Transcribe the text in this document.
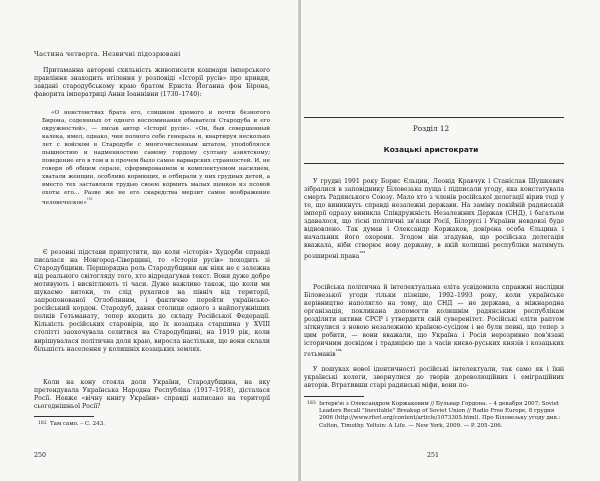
Частина четверта. Незвичні підозрювані
Притаманна авторові схильність живописати кошмари імперського правління знаходить втілення у розповіді «Історії русів» про кривди, завдані стародубському краю братом Ернста Йоганна фон Бірона, фаворита імператриці Анни Іоаннівни (1730–1740):
«О неистовствах брата его, слишком хромого и почти безногого Бирона, содеянных от одного воспоминания обывателя Стародуба и его окружностей», — писав автор «Історії русів». «Он, быв совершенный калека, имел, однако, чин полного себе генерала и, квартируя несколько лет с войском в Стародубе с многочисленным штатом, упodoблялся пышностию и надменностию самому гордому султану азиятскому; поведение его в том и в прочем было самое варварских странностей. И, не говоря об общем серале, сформированном и комплектуемом насилием, хватали женщин, особливо кормящих, и отбирали у них грудных детей, а вместо тех заставляли грудью своею кормить малых щенков из псовой охоты его… Разве же не его скаредства мерзит самое воображение человеческое»$^{^{182}}$
Є резонні підстави припустити, що коли «історія» Худорби справді писалася на Новгород-Сіверщині, то «Історія русів» походить зі Стародубщини. Першорядна роль Стародубщини аж ніяк не є залежна від реального світогляду того, хто відредагував текст. Вони дуже добре мотивують і висвітлюють ті часи. Дуже важливо також, що коли ми шукаємо витоки, то слід рухатися на північ від території, запропонованої Оглоблиним, і фактично перейти українсько-російський кордон. Стародуб, давня столиця одного з найпотужніших полків Гетьманату, тепер входить до складу Російської Федерації. Кількість російських старовірів, що їх козацька старшина у XVIII столітті заохочувала селитися на Стародубщині, на 1919 рік, коли вирішувалася політична доля краю, виросла настільки, що вони склали більшість населення у колишніх козацьких землях.
Коли на кону стояла доля України, Стародубщина, на яку претендувала Українська Народна Республіка (1917–1918), дісталася Росії. Невже «вічну книгу України» справді написано на території сьогоднішньої Росії?
182 Там само. – С. 243.
250
Розділ 12
Козацькі аристократи
У грудні 1991 року Борис Єльцин, Леонід Кравчук і Станіслав Шушкевич зібралися в заповіднику Біловезька пуща і підписали угоду, яка констатувала смерть Радянського Союзу. Мало хто з членів російської делегації вірив тоді у те, що виникнуть справді незалежні держави. На заміну покійній радянській імперії одразу виникла Співдружність Незалежних Держав (СНД), і багатьом здавалося, що тісні політичні зв'язки Росії, Білорусі і України невдовзі буде відновлено. Так думав і Олександр Коржаков, довірена особа Єльцина і начальник його охорони. Згодом він згадував, що російська делегація вважала, ніби створює нову державу, в якій колишні республіки матимуть розширені права$^{^{183}}$
Російська політична й інтелектуальна еліта усвідомила справжні наслідки Біловезької угоди тільки пізніше, 1992–1993 року, коли українське керівництво наполягло на тому, що СНД — не держава, а міжнародна організація, покликана допомогти колишнім радянським республікам розділити активи СРСР і утвердити свій суверенітет. Російські еліти раптом зіткнулися з новою незалежною країною-сусідом і не були певні, що тепер з цим робити, — вони вважали, що Україна і Росія нерозривно пов'язані історичним досвідом і традицією ще з часів києво-руських князів і козацьких гетьманів$^{^{184}}$
У пошуках нової ідентичності російські інтелектуали, так само як і їхні українські колеги, звернулися до творів дореволюційних і еміграційних авторів. Втративши старі радянські міфи, вони по-
183 Інтерв'ю з Олександром Коржаковим // Бульвар Гордона. – 4 декабря 2007; Soviet Leaders Recall "Inevitable" Breakup of Soviet Union // Radio Free Europe, 8 грудня 2006 (http://www.rferl.org/content/article/1073305.html). Про Біловезьку угоду див.: Colton, Timothy. Yeltsin: A Life. — New York, 2009. — P. 205–206.
251
